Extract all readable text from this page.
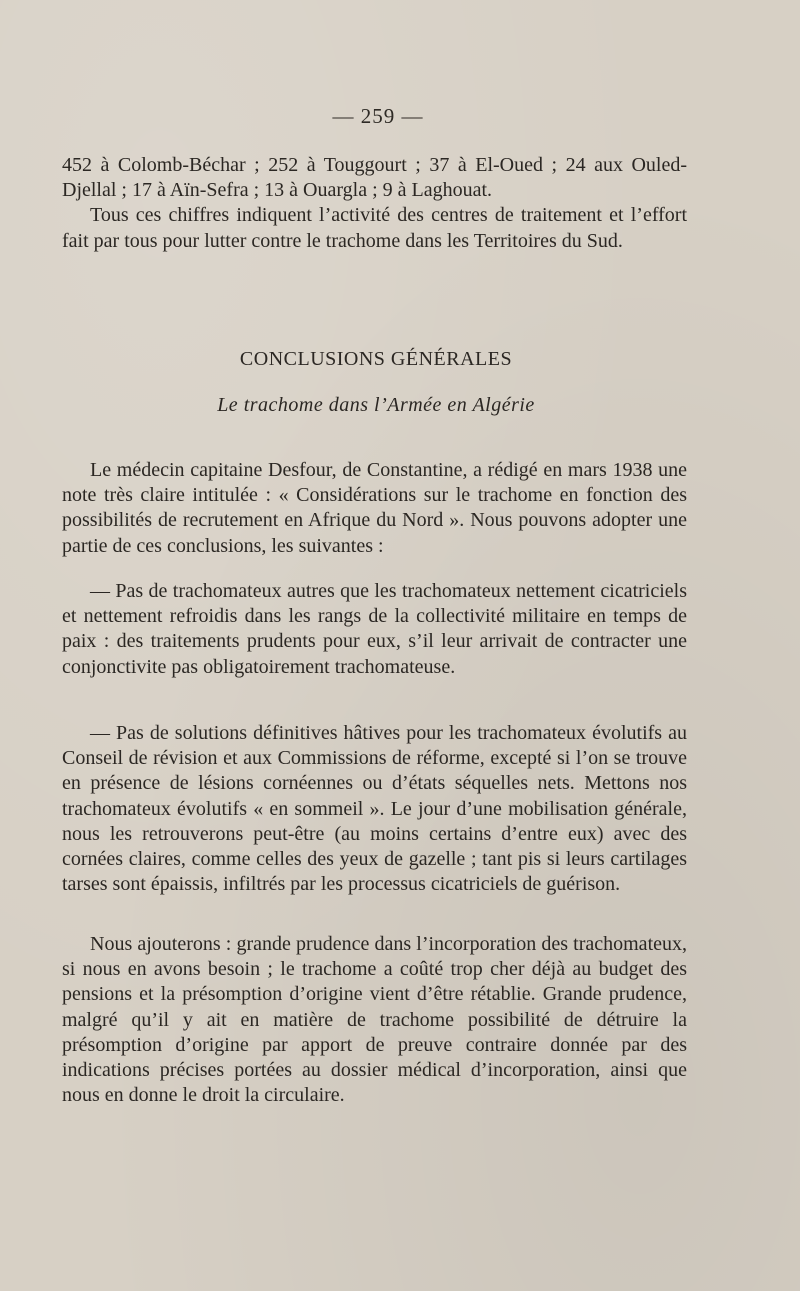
— 259 —

452 à Colomb-Béchar ; 252 à Touggourt ; 37 à El-Oued ; 24 aux Ouled-Djellal ; 17 à Aïn-Sefra ; 13 à Ouargla ; 9 à Laghouat.

Tous ces chiffres indiquent l’activité des centres de traitement et l’effort fait par tous pour lutter contre le trachome dans les Territoires du Sud.

CONCLUSIONS GÉNÉRALES
Le trachome dans l’Armée en Algérie

Le médecin capitaine Desfour, de Constantine, a rédigé en mars 1938 une note très claire intitulée : « Considérations sur le trachome en fonction des possibilités de recrutement en Afrique du Nord ». Nous pouvons adopter une partie de ces conclusions, les suivantes :

— Pas de trachomateux autres que les trachomateux nettement cicatriciels et nettement refroidis dans les rangs de la collectivité militaire en temps de paix : des traitements prudents pour eux, s’il leur arrivait de contracter une conjonctivite pas obligatoirement trachomateuse.

— Pas de solutions définitives hâtives pour les trachomateux évolutifs au Conseil de révision et aux Commissions de réforme, excepté si l’on se trouve en présence de lésions cornéennes ou d’états séquelles nets. Mettons nos trachomateux évolutifs « en sommeil ». Le jour d’une mobilisation générale, nous les retrouverons peut-être (au moins certains d’entre eux) avec des cornées claires, comme celles des yeux de gazelle ; tant pis si leurs cartilages tarses sont épaissis, infiltrés par les processus cicatriciels de guérison.

Nous ajouterons : grande prudence dans l’incorporation des trachomateux, si nous en avons besoin ; le trachome a coûté trop cher déjà au budget des pensions et la présomption d’origine vient d’être rétablie. Grande prudence, malgré qu’il y ait en matière de trachome possibilité de détruire la présomption d’origine par apport de preuve contraire donnée par des indications précises portées au dossier médical d’incorporation, ainsi que nous en donne le droit la circulaire.
